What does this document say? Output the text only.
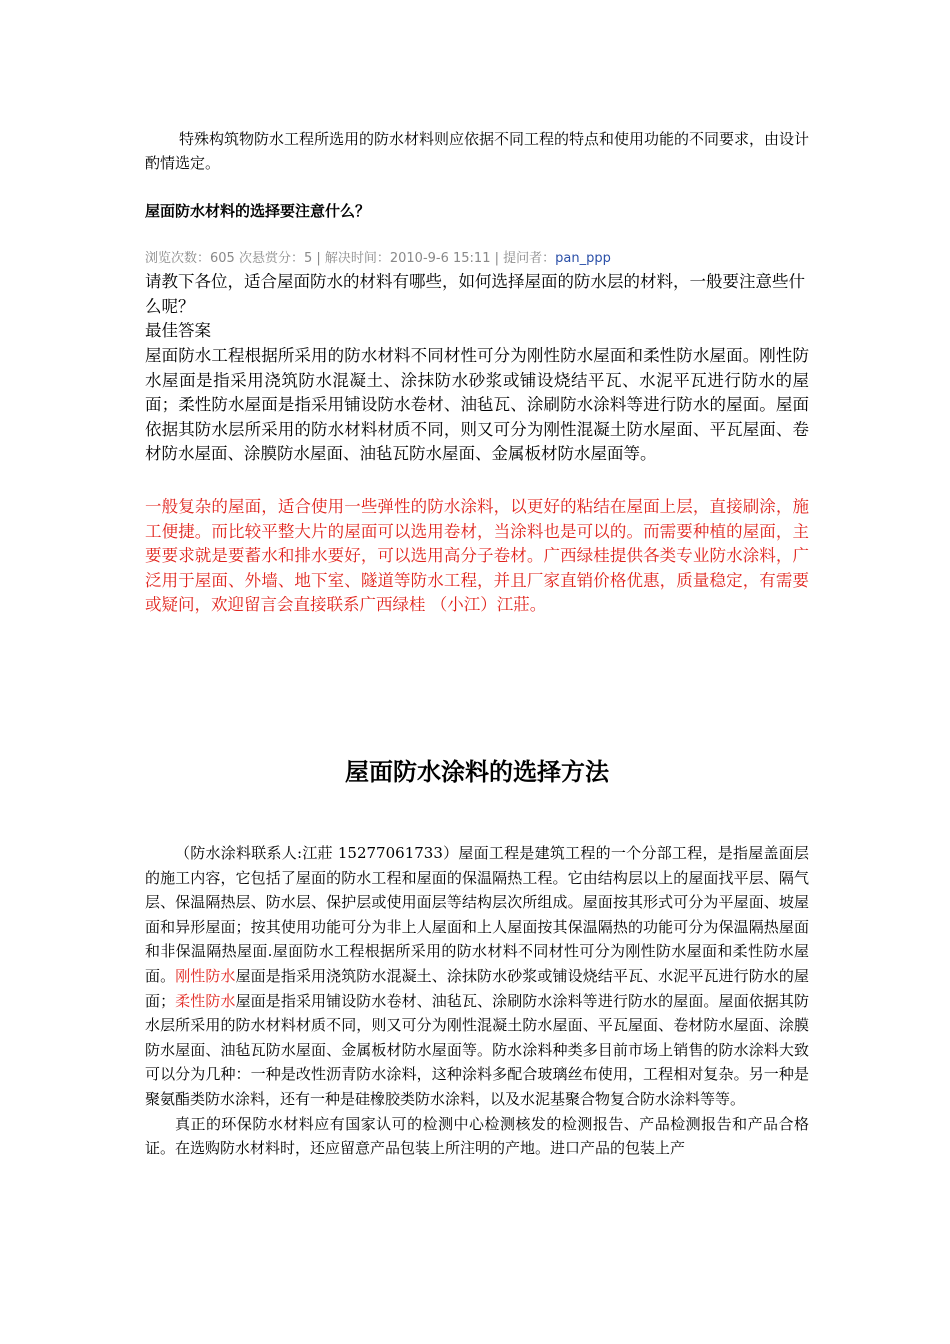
特殊构筑物防水工程所选用的防水材料则应依据不同工程的特点和使用功能的不同要求，由设计酌情选定。
屋面防水材料的选择要注意什么？
浏览次数：605 次悬赏分：5 | 解决时间：2010-9-6 15:11 | 提问者：pan_ppp
请教下各位，适合屋面防水的材料有哪些，如何选择屋面的防水层的材料，一般要注意些什么呢？
最佳答案
屋面防水工程根据所采用的防水材料不同材性可分为刚性防水屋面和柔性防水屋面。刚性防水屋面是指采用浇筑防水混凝土、涂抹防水砂浆或铺设烧结平瓦、水泥平瓦进行防水的屋面；柔性防水屋面是指采用铺设防水卷材、油毡瓦、涂刷防水涂料等进行防水的屋面。屋面依据其防水层所采用的防水材料材质不同，则又可分为刚性混凝土防水屋面、平瓦屋面、卷材防水屋面、涂膜防水屋面、油毡瓦防水屋面、金属板材防水屋面等。
一般复杂的屋面，适合使用一些弹性的防水涂料，以更好的粘结在屋面上层，直接刷涂，施工便捷。而比较平整大片的屋面可以选用卷材，当涂料也是可以的。而需要种植的屋面，主要要求就是要蓄水和排水要好，可以选用高分子卷材。广西绿桂提供各类专业防水涂料，广泛用于屋面、外墙、地下室、隧道等防水工程，并且厂家直销价格优惠，质量稳定，有需要或疑问，欢迎留言会直接联系广西绿桂 （小江）江莊。
屋面防水涂料的选择方法

（防水涂料联系人:江莊 15277061733）屋面工程是建筑工程的一个分部工程，是指屋盖面层的施工内容，它包括了屋面的防水工程和屋面的保温隔热工程。它由结构层以上的屋面找平层、隔气层、保温隔热层、防水层、保护层或使用面层等结构层次所组成。屋面按其形式可分为平屋面、坡屋面和异形屋面；按其使用功能可分为非上人屋面和上人屋面按其保温隔热的功能可分为保温隔热屋面和非保温隔热屋面.屋面防水工程根据所采用的防水材料不同材性可分为刚性防水屋面和柔性防水屋面。刚性防水屋面是指采用浇筑防水混凝土、涂抹防水砂浆或铺设烧结平瓦、水泥平瓦进行防水的屋面；柔性防水屋面是指采用铺设防水卷材、油毡瓦、涂刷防水涂料等进行防水的屋面。屋面依据其防水层所采用的防水材料材质不同，则又可分为刚性混凝土防水屋面、平瓦屋面、卷材防水屋面、涂膜防水屋面、油毡瓦防水屋面、金属板材防水屋面等。防水涂料种类多目前市场上销售的防水涂料大致可以分为几种：一种是改性沥青防水涂料，这种涂料多配合玻璃丝布使用，工程相对复杂。另一种是聚氨酯类防水涂料，还有一种是硅橡胶类防水涂料，以及水泥基聚合物复合防水涂料等等。

真正的环保防水材料应有国家认可的检测中心检测核发的检测报告、产品检测报告和产品合格证。在选购防水材料时，还应留意产品包装上所注明的产地。进口产品的包装上产
